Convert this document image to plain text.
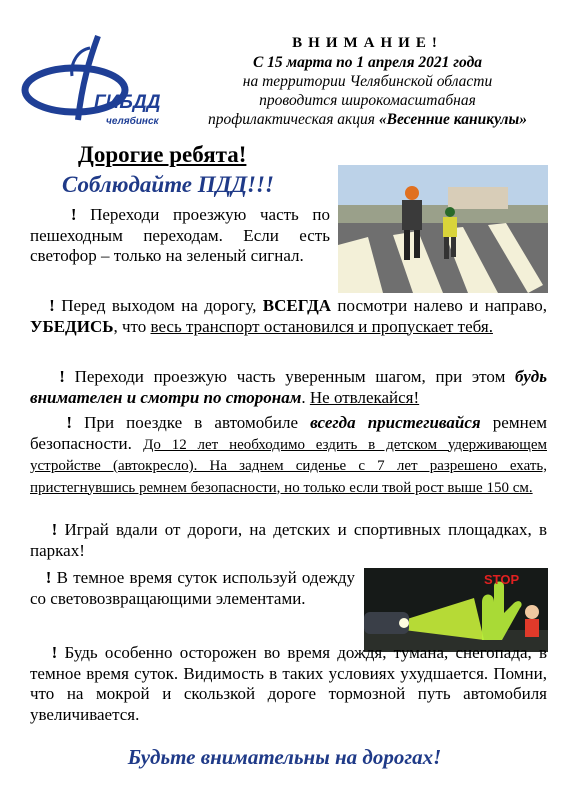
ГИБДД
челябинск
ВНИМАНИЕ!
С 15 марта по 1 апреля 2021 года
на территории Челябинской области
проводится широкомасштабная
профилактическая акция «Весенние каникулы»
Дорогие ребята!
Соблюдайте ПДД!!!

! Переходи проезжую часть по пешеходным переходам. Если есть светофор – только на зеленый сигнал.

! Перед выходом на дорогу, ВСЕГДА посмотри налево и направо, УБЕДИСЬ, что весь транспорт остановился и пропускает тебя.

! Переходи проезжую часть уверенным шагом, при этом будь внимателен и смотри по сторонам. Не отвлекайся!

! При поездке в автомобиле всегда пристегивайся ремнем безопасности. До 12 лет необходимо ездить в детском удерживающем устройстве (автокресло). На заднем сиденье с 7 лет разрешено ехать, пристегнувшись ремнем безопасности, но только если твой рост выше 150 см.

! Играй вдали от дороги, на детских и спортивных площадках, в парках!

! В темное время суток используй одежду со световозвращающими элементами.

STOP

! Будь особенно осторожен во время дождя, тумана, снегопада, в темное время суток. Видимость в таких условиях ухудшается. Помни, что на мокрой и скользкой дороге тормозной путь автомобиля увеличивается.

Будьте внимательны на дорогах!
